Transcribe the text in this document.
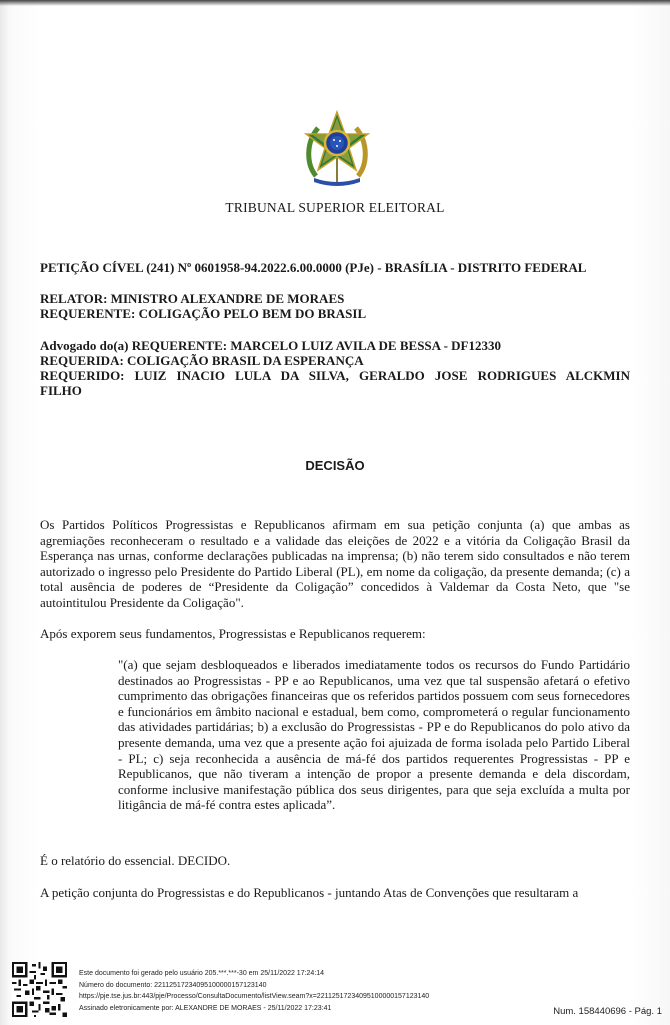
TRIBUNAL SUPERIOR ELEITORAL
PETIÇÃO CÍVEL (241) Nº 0601958-94.2022.6.00.0000 (PJe) - BRASÍLIA - DISTRITO FEDERAL
RELATOR: MINISTRO ALEXANDRE DE MORAES
REQUERENTE: COLIGAÇÃO PELO BEM DO BRASIL
Advogado do(a) REQUERENTE: MARCELO LUIZ AVILA DE BESSA - DF12330
REQUERIDA: COLIGAÇÃO BRASIL DA ESPERANÇA
REQUERIDO: LUIZ INACIO LULA DA SILVA, GERALDO JOSE RODRIGUES ALCKMIN
FILHO
DECISÃO
Os Partidos Políticos Progressistas e Republicanos afirmam em sua petição conjunta (a) que ambas as agremiações reconheceram o resultado e a validade das eleições de 2022 e a vitória da Coligação Brasil da Esperança nas urnas, conforme declarações publicadas na imprensa; (b) não terem sido consultados e não terem autorizado o ingresso pelo Presidente do Partido Liberal (PL), em nome da coligação, da presente demanda; (c) a total ausência de poderes de “Presidente da Coligação” concedidos à Valdemar da Costa Neto, que "se autointitulou Presidente da Coligação".
Após exporem seus fundamentos, Progressistas e Republicanos requerem:
"(a) que sejam desbloqueados e liberados imediatamente todos os recursos do Fundo Partidário destinados ao Progressistas - PP e ao Republicanos, uma vez que tal suspensão afetará o efetivo cumprimento das obrigações financeiras que os referidos partidos possuem com seus fornecedores e funcionários em âmbito nacional e estadual, bem como, comprometerá o regular funcionamento das atividades partidárias; b) a exclusão do Progressistas - PP e do Republicanos do polo ativo da presente demanda, uma vez que a presente ação foi ajuizada de forma isolada pelo Partido Liberal - PL; c) seja reconhecida a ausência de má-fé dos partidos requerentes Progressistas - PP e Republicanos, que não tiveram a intenção de propor a presente demanda e dela discordam, conforme inclusive manifestação pública dos seus dirigentes, para que seja excluída a multa por litigância de má-fé contra estes aplicada”.
É o relatório do essencial. DECIDO.
A petição conjunta do Progressistas e do Republicanos - juntando Atas de Convenções que resultaram a
Este documento foi gerado pelo usuário 205.***.***-30 em 25/11/2022 17:24:14
Número do documento: 22112517234095100000157123140
https://pje.tse.jus.br:443/pje/Processo/ConsultaDocumento/listView.seam?x=22112517234095100000157123140
Assinado eletronicamente por: ALEXANDRE DE MORAES - 25/11/2022 17:23:41	Num. 158440696 - Pág. 1
